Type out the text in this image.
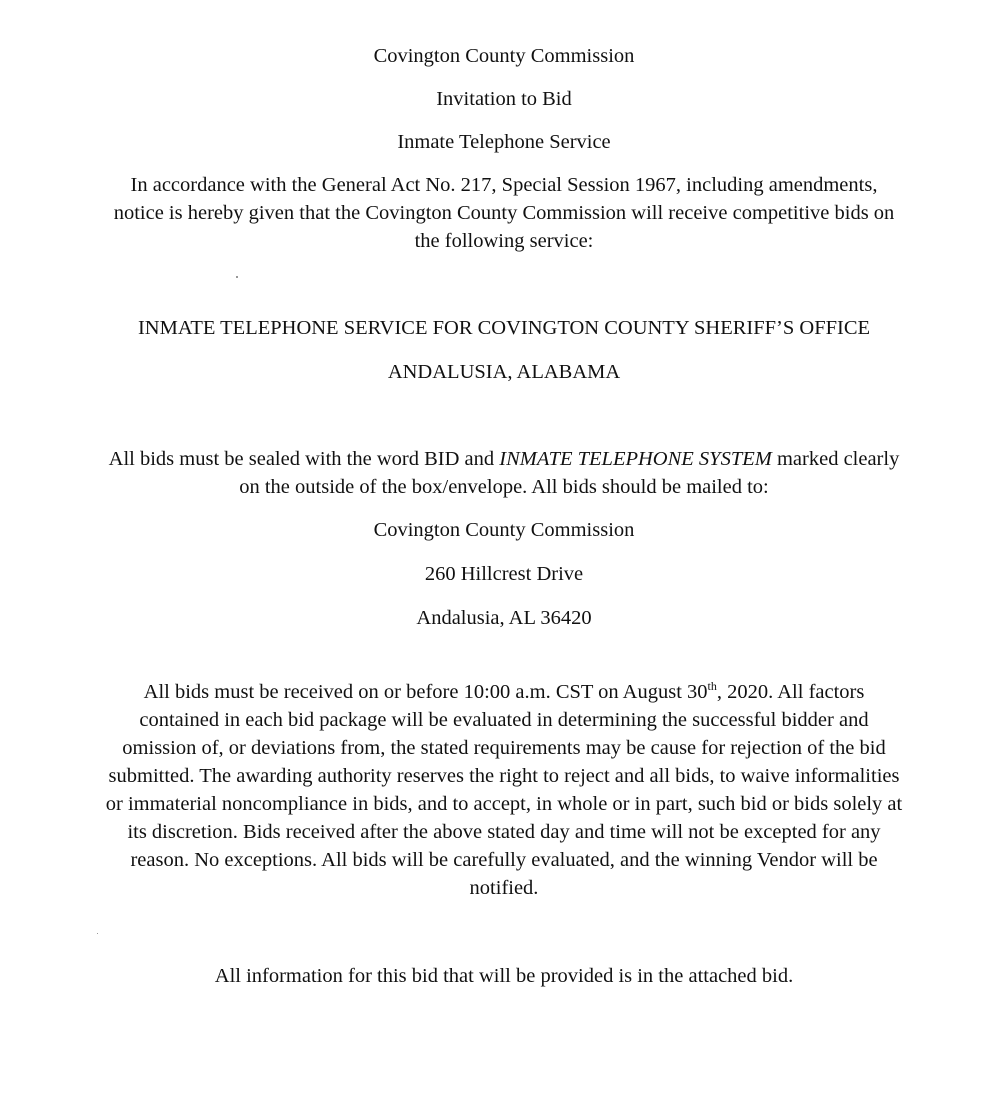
Covington County Commission
Invitation to Bid
Inmate Telephone Service
In accordance with the General Act No. 217, Special Session 1967, including amendments,
notice is hereby given that the Covington County Commission will receive competitive bids on
the following service:
INMATE TELEPHONE SERVICE FOR COVINGTON COUNTY SHERIFF’S OFFICE
ANDALUSIA, ALABAMA
All bids must be sealed with the word BID and INMATE TELEPHONE SYSTEM marked clearly
on the outside of the box/envelope. All bids should be mailed to:
Covington County Commission
260 Hillcrest Drive
Andalusia, AL 36420
All bids must be received on or before 10:00 a.m. CST on August 30th, 2020. All factors
contained in each bid package will be evaluated in determining the successful bidder and
omission of, or deviations from, the stated requirements may be cause for rejection of the bid
submitted. The awarding authority reserves the right to reject and all bids, to waive informalities
or immaterial noncompliance in bids, and to accept, in whole or in part, such bid or bids solely at
its discretion. Bids received after the above stated day and time will not be excepted for any
reason. No exceptions. All bids will be carefully evaluated, and the winning Vendor will be
notified.
All information for this bid that will be provided is in the attached bid.
